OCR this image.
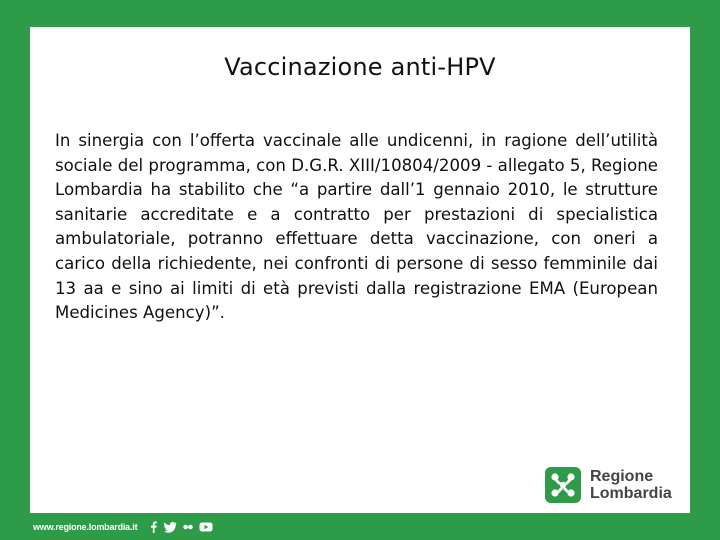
Vaccinazione anti-HPV

In sinergia con l’offerta vaccinale alle undicenni, in ragione dell’utilità sociale del programma, con D.G.R. XIII/10804/2009 - allegato 5, Regione Lombardia ha stabilito che “a partire dall’1 gennaio 2010, le strutture sanitarie accreditate e a contratto per prestazioni di specialistica ambulatoriale, potranno effettuare detta vaccinazione, con oneri a carico della richiedente, nei confronti di persone di sesso femminile dai 13 aa e sino ai limiti di età previsti dalla registrazione EMA (European Medicines Agency)”.

Regione
Lombardia
www.regione.lombardia.it
